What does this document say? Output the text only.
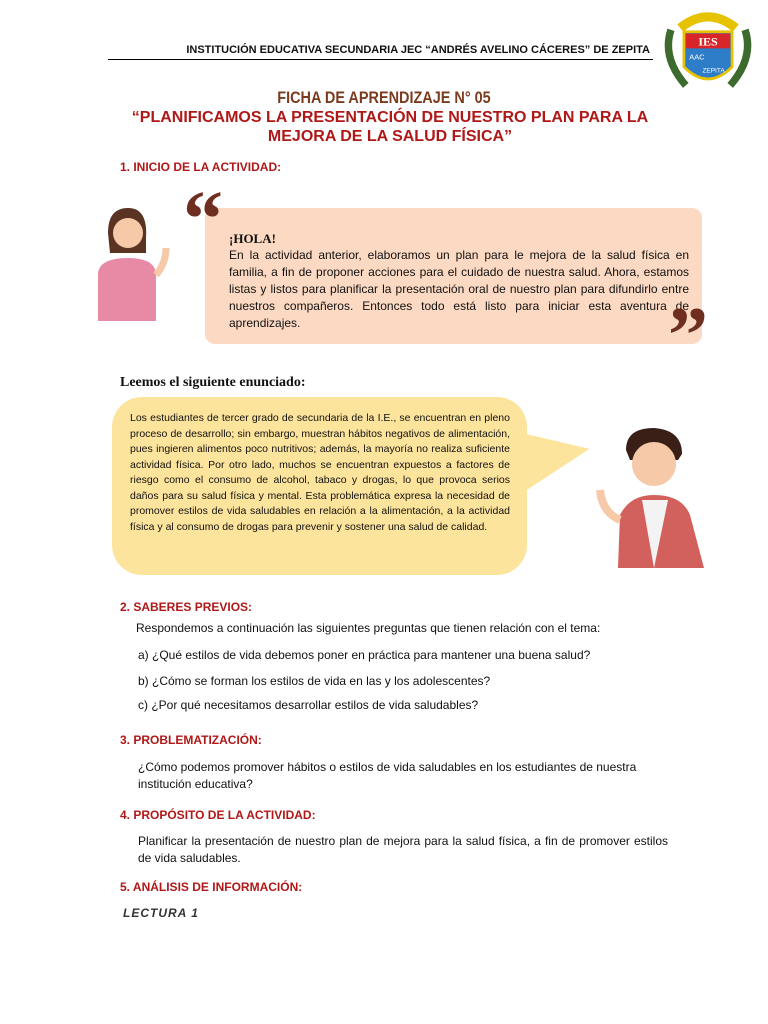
IES
AAC
ZEPITA
INSTITUCIÓN EDUCATIVA SECUNDARIA JEC “ANDRÉS AVELINO CÁCERES” DE ZEPITA
FICHA DE APRENDIZAJE N° 05
“PLANIFICAMOS LA PRESENTACIÓN DE NUESTRO PLAN PARA LA MEJORA DE LA SALUD FÍSICA”
1. INICIO DE LA ACTIVIDAD:
¡HOLA!
En la actividad anterior, elaboramos un plan para le mejora de la salud física en familia, a fin de proponer acciones para el cuidado de nuestra salud. Ahora, estamos listas y listos para planificar la presentación oral de nuestro plan para difundirlo entre nuestros compañeros. Entonces todo está listo para iniciar esta aventura de aprendizajes.
“
”
Leemos el siguiente enunciado:
Los estudiantes de tercer grado de secundaria de la I.E., se encuentran en pleno proceso de desarrollo; sin embargo, muestran hábitos negativos de alimentación, pues ingieren alimentos poco nutritivos; además, la mayoría no realiza suficiente actividad física. Por otro lado, muchos se encuentran expuestos a factores de riesgo como el consumo de alcohol, tabaco y drogas, lo que provoca serios daños para su salud física y mental. Esta problemática expresa la necesidad de promover estilos de vida saludables en relación a la alimentación, a la actividad física y al consumo de drogas para prevenir y sostener una salud de calidad.
2. SABERES PREVIOS:
Respondemos a continuación las siguientes preguntas que tienen relación con el tema:
a) ¿Qué estilos de vida debemos poner en práctica para mantener una buena salud?
b) ¿Cómo se forman los estilos de vida en las y los adolescentes?
c) ¿Por qué necesitamos desarrollar estilos de vida saludables?
3. PROBLEMATIZACIÓN:
¿Cómo podemos promover hábitos o estilos de vida saludables en los estudiantes de nuestra institución educativa?
4. PROPÓSITO DE LA ACTIVIDAD:
Planificar la presentación de nuestro plan de mejora para la salud física, a fin de promover estilos de vida saludables.
5. ANÁLISIS DE INFORMACIÓN:
LECTURA 1
